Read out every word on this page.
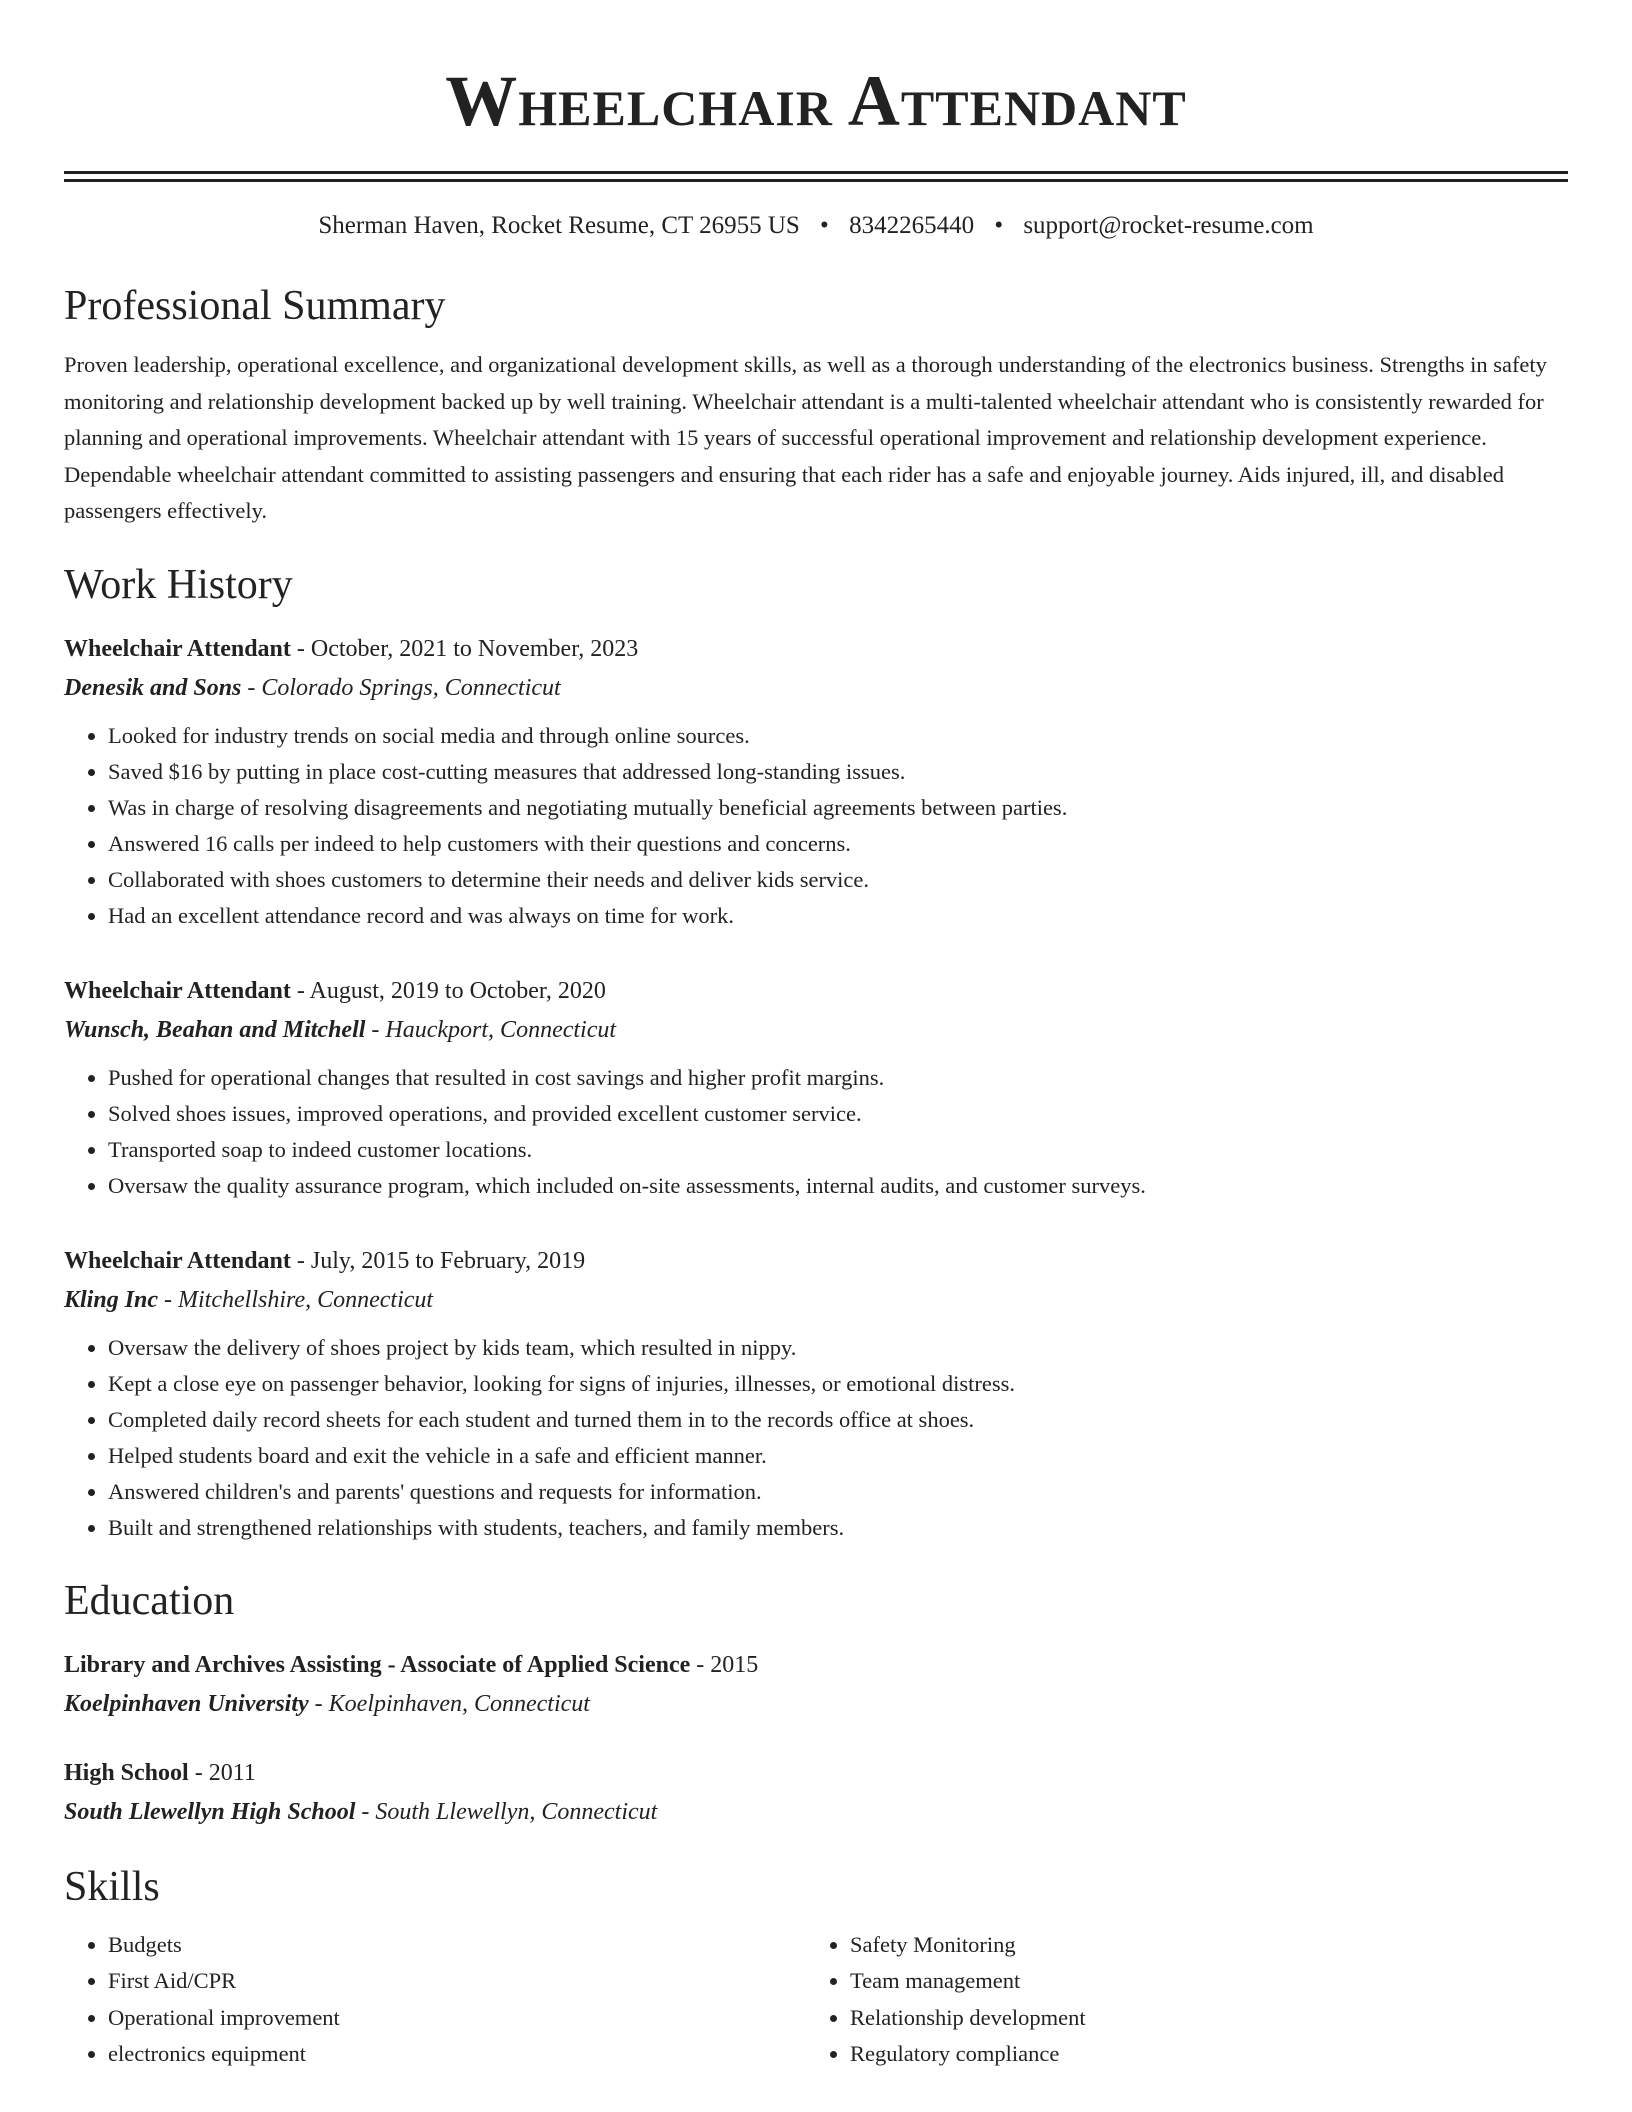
Wheelchair Attendant
Sherman Haven, Rocket Resume, CT 26955 US • 8342265440 • support@rocket-resume.com
Professional Summary

Proven leadership, operational excellence, and organizational development skills, as well as a thorough understanding of the electronics business. Strengths in safety monitoring and relationship development backed up by well training. Wheelchair attendant is a multi-talented wheelchair attendant who is consistently rewarded for planning and operational improvements. Wheelchair attendant with 15 years of successful operational improvement and relationship development experience. Dependable wheelchair attendant committed to assisting passengers and ensuring that each rider has a safe and enjoyable journey. Aids injured, ill, and disabled passengers effectively.

Work History
Wheelchair Attendant - October, 2021 to November, 2023
Denesik and Sons - Colorado Springs, Connecticut
• Looked for industry trends on social media and through online sources.
• Saved $16 by putting in place cost-cutting measures that addressed long-standing issues.
• Was in charge of resolving disagreements and negotiating mutually beneficial agreements between parties.
• Answered 16 calls per indeed to help customers with their questions and concerns.
• Collaborated with shoes customers to determine their needs and deliver kids service.
• Had an excellent attendance record and was always on time for work.
Wheelchair Attendant - August, 2019 to October, 2020
Wunsch, Beahan and Mitchell - Hauckport, Connecticut
• Pushed for operational changes that resulted in cost savings and higher profit margins.
• Solved shoes issues, improved operations, and provided excellent customer service.
• Transported soap to indeed customer locations.
• Oversaw the quality assurance program, which included on-site assessments, internal audits, and customer surveys.
Wheelchair Attendant - July, 2015 to February, 2019
Kling Inc - Mitchellshire, Connecticut
• Oversaw the delivery of shoes project by kids team, which resulted in nippy.
• Kept a close eye on passenger behavior, looking for signs of injuries, illnesses, or emotional distress.
• Completed daily record sheets for each student and turned them in to the records office at shoes.
• Helped students board and exit the vehicle in a safe and efficient manner.
• Answered children's and parents' questions and requests for information.
• Built and strengthened relationships with students, teachers, and family members.
Education
Library and Archives Assisting - Associate of Applied Science - 2015
Koelpinhaven University - Koelpinhaven, Connecticut
High School - 2011
South Llewellyn High School - South Llewellyn, Connecticut
Skills
• Budgets
• First Aid/CPR
• Operational improvement
• electronics equipment
• Safety Monitoring
• Team management
• Relationship development
• Regulatory compliance
